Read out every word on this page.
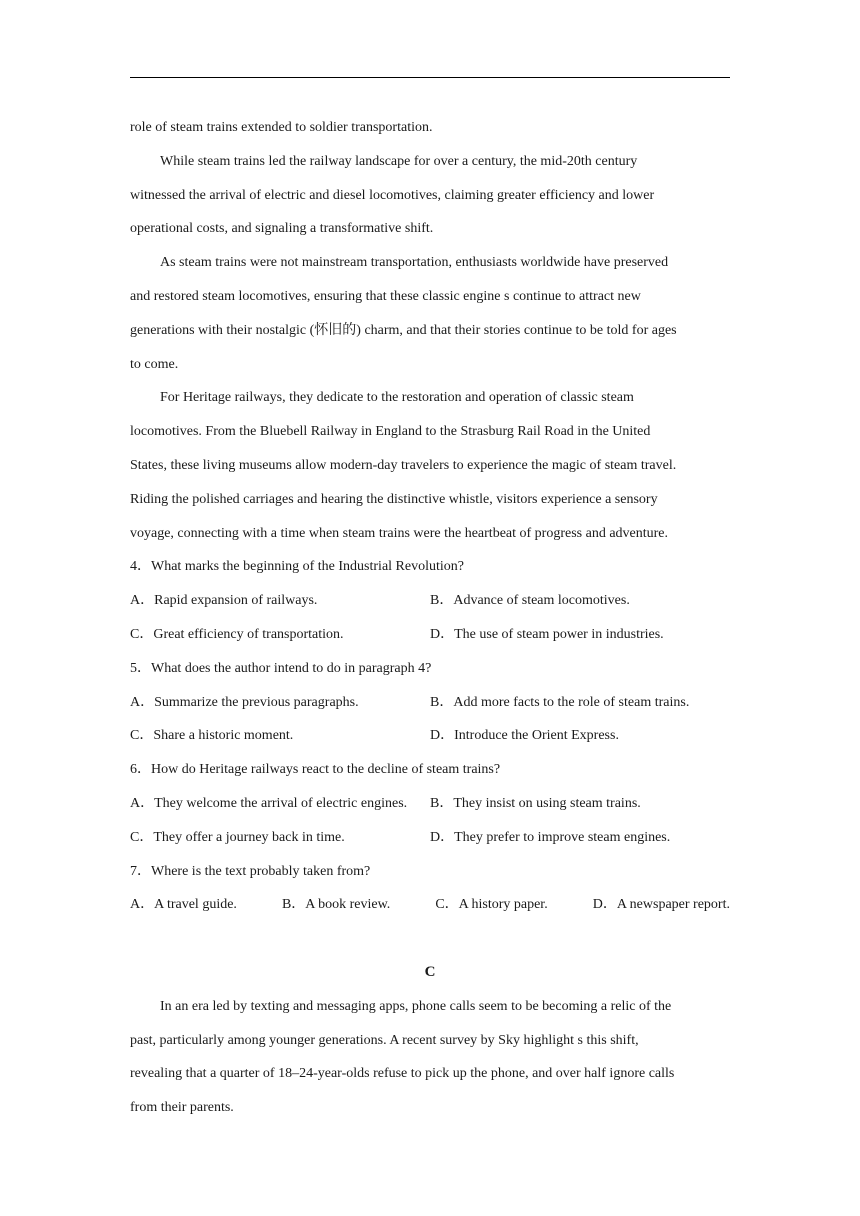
role of steam trains extended to soldier transportation.
While steam trains led the railway landscape for over a century, the mid-20th century
witnessed the arrival of electric and diesel locomotives, claiming greater efficiency and lower
operational costs, and signaling a transformative shift.
As steam trains were not mainstream transportation, enthusiasts worldwide have preserved
and restored steam locomotives, ensuring that these classic engine s continue to attract new
generations with their nostalgic (怀旧的) charm, and that their stories continue to be told for ages
to come.
For Heritage railways, they dedicate to the restoration and operation of classic steam
locomotives. From the Bluebell Railway in England to the Strasburg Rail Road in the United
States, these living museums allow modern-day travelers to experience the magic of steam travel.
Riding the polished carriages and hearing the distinctive whistle, visitors experience a sensory
voyage, connecting with a time when steam trains were the heartbeat of progress and adventure.
4．What marks the beginning of the Industrial Revolution?
A．Rapid expansion of railways.	B．Advance of steam locomotives.
C．Great efficiency of transportation.	D．The use of steam power in industries.
5．What does the author intend to do in paragraph 4?
A．Summarize the previous paragraphs.	B．Add more facts to the role of steam trains.
C．Share a historic moment.	D．Introduce the Orient Express.
6．How do Heritage railways react to the decline of steam trains?
A．They welcome the arrival of electric engines.	B．They insist on using steam trains.
C．They offer a journey back in time.	D．They prefer to improve steam engines.
7．Where is the text probably taken from?
A．A travel guide.	B．A book review.	C．A history paper.	D．A newspaper report.
C
In an era led by texting and messaging apps, phone calls seem to be becoming a relic of the
past, particularly among younger generations. A recent survey by Sky highlight s this shift,
revealing that a quarter of 18–24-year-olds refuse to pick up the phone, and over half ignore calls
from their parents.
